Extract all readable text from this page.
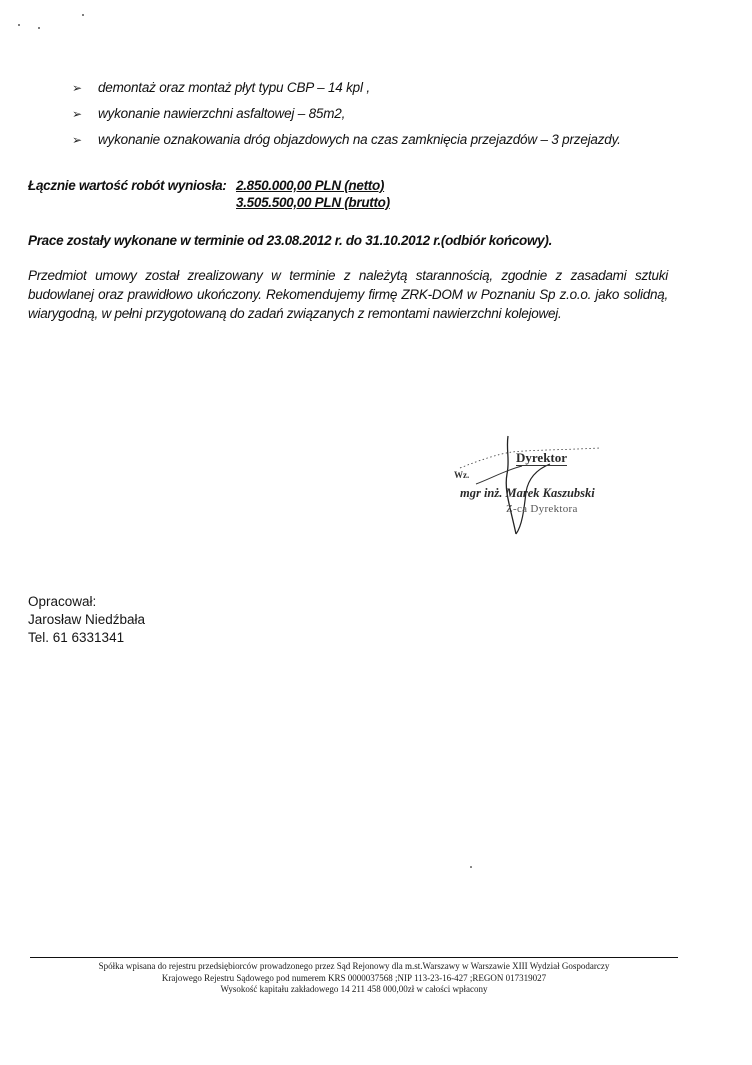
➢	demontaż oraz montaż płyt typu CBP – 14 kpl ,
➢	wykonanie nawierzchni asfaltowej – 85m2,
➢	wykonanie oznakowania dróg objazdowych na czas zamknięcia przejazdów – 3 przejazdy.
Łącznie wartość robót wyniosła: 2.850.000,00 PLN (netto)
3.505.500,00 PLN (brutto)
Prace zostały wykonane w terminie od 23.08.2012 r. do 31.10.2012 r.(odbiór końcowy).
Przedmiot umowy został zrealizowany w terminie z należytą starannością, zgodnie z zasadami sztuki budowlanej oraz prawidłowo ukończony. Rekomendujemy firmę ZRK-DOM w Poznaniu Sp z.o.o. jako solidną, wiarygodną, w pełni przygotowaną do zadań związanych z remontami nawierzchni kolejowej.
Dyrektor
Wz.
mgr inż. Marek Kaszubski
Z-ca Dyrektora
Opracował:
Jarosław Niedźbała
Tel. 61 6331341
Spółka wpisana do rejestru przedsiębiorców prowadzonego przez Sąd Rejonowy dla m.st.Warszawy w Warszawie XIII Wydział Gospodarczy
Krajowego Rejestru Sądowego pod numerem KRS 0000037568 ;NIP 113-23-16-427 ;REGON 017319027
Wysokość kapitału zakładowego 14 211 458 000,00zł w całości wpłacony
